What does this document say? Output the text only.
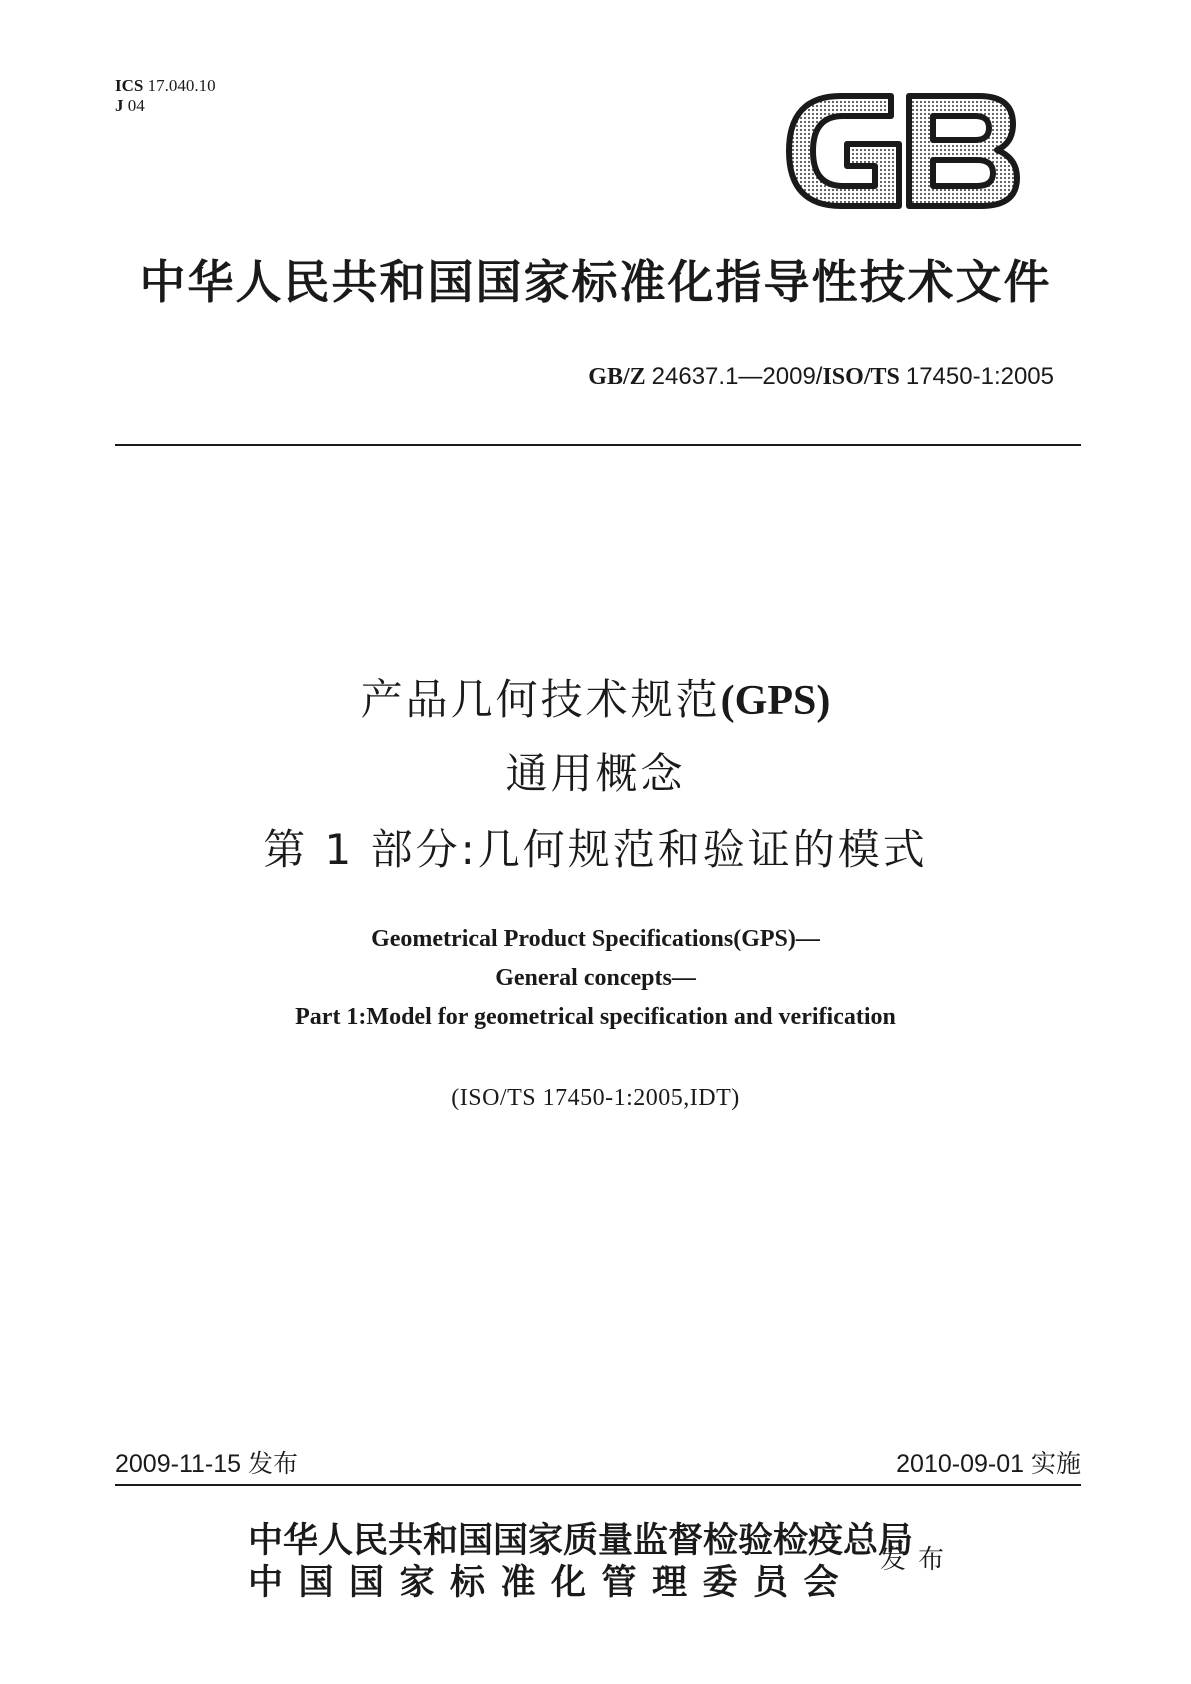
ICS 17.040.10
J 04
中华人民共和国国家标准化指导性技术文件
GB/Z 24637.1—2009/ISO/TS 17450-1:2005
产品几何技术规范(GPS)
通用概念
第 1 部分:几何规范和验证的模式
Geometrical Product Specifications(GPS)—
General concepts—
Part 1:Model for geometrical specification and verification
(ISO/TS 17450-1:2005,IDT)
2009-11-15 发布	2010-09-01 实施
中华人民共和国国家质量监督检验检疫总局
中国国家标准化管理委员会
发布
